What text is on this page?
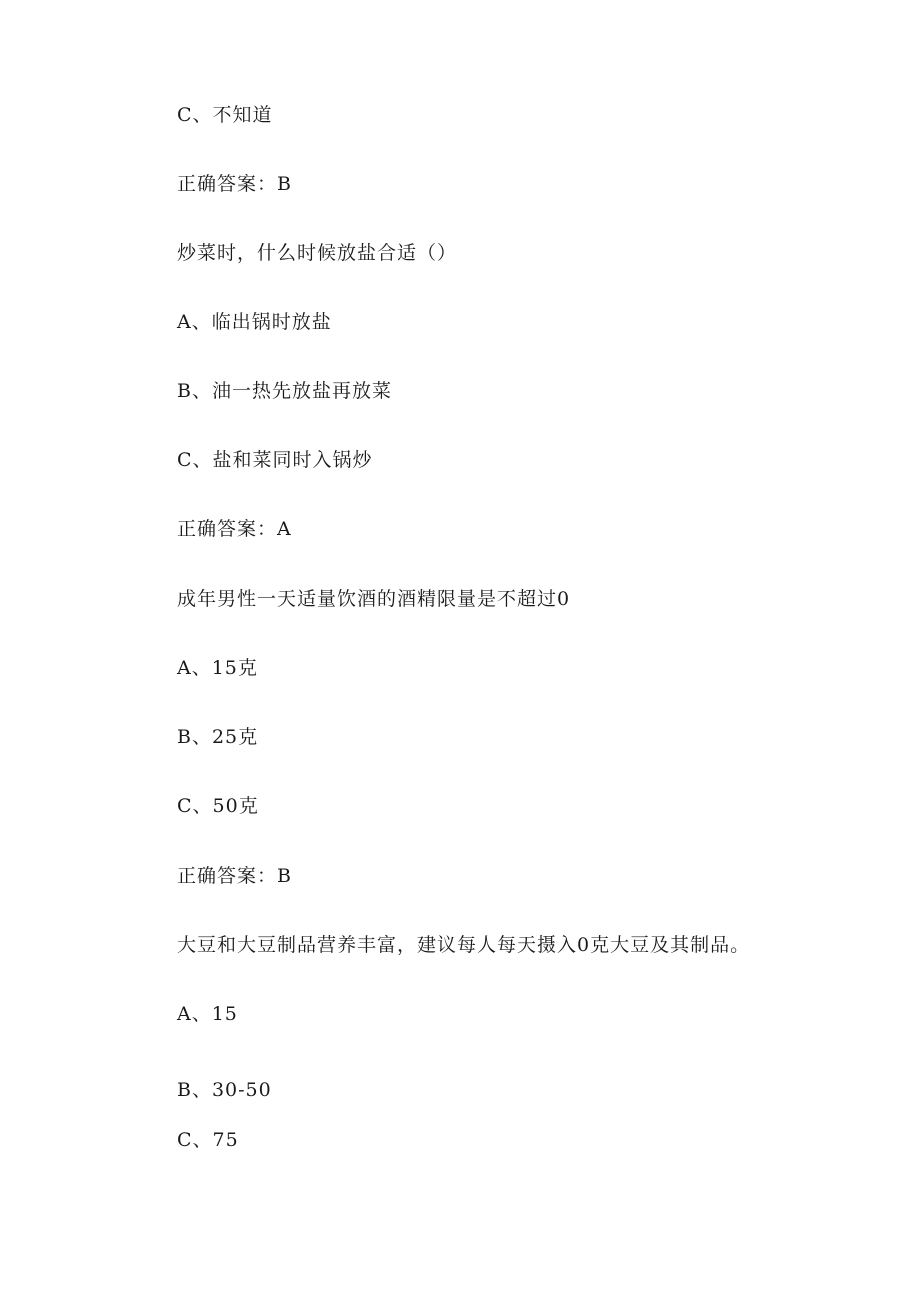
C、不知道
正确答案：B
炒菜时，什么时候放盐合适（）
A、临出锅时放盐
B、油一热先放盐再放菜
C、盐和菜同时入锅炒
正确答案：A
成年男性一天适量饮酒的酒精限量是不超过0
A、15克
B、25克
C、50克
正确答案：B
大豆和大豆制品营养丰富，建议每人每天摄入0克大豆及其制品。
A、15
B、30-50
C、75
